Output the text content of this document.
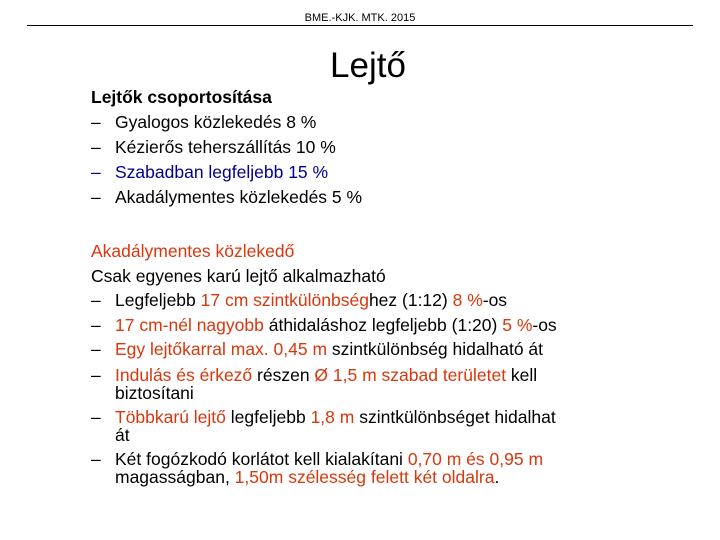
BME.-KJK. MTK. 2015
Lejtő
Lejtők csoportosítása
– Gyalogos közlekedés 8 %
– Kézierős teherszállítás 10 %
– Szabadban legfeljebb 15 %
– Akadálymentes közlekedés 5 %
Akadálymentes közlekedő
Csak egyenes karú lejtő alkalmazható
– Legfeljebb 17 cm szintkülönbséghez (1:12) 8 %-os
– 17 cm-nél nagyobb áthidaláshoz legfeljebb (1:20) 5 %-os
– Egy lejtőkarral max. 0,45 m szintkülönbség hidalható át
– Indulás és érkező részen Ø 1,5 m szabad területet kell
biztosítani
– Többkarú lejtő legfeljebb 1,8 m szintkülönbséget hidalhat
át
– Két fogózkodó korlátot kell kialakítani 0,70 m és 0,95 m
magasságban, 1,50m szélesség felett két oldalra.
